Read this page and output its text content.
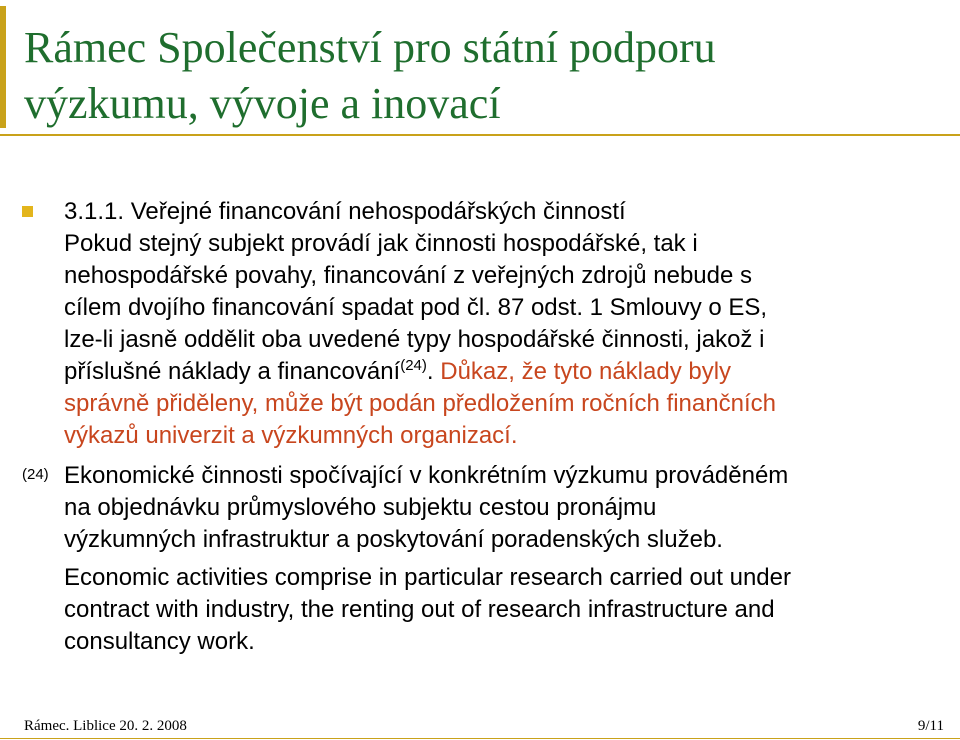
Rámec Společenství pro státní podporu
výzkumu, vývoje a inovací
3.1.1. Veřejné financování nehospodářských činností
Pokud stejný subjekt provádí jak činnosti hospodářské, tak i
nehospodářské povahy, financování z veřejných zdrojů nebude s
cílem dvojího financování spadat pod čl. 87 odst. 1 Smlouvy o ES,
lze-li jasně oddělit oba uvedené typy hospodářské činnosti, jakož i
příslušné náklady a financování$^{(24)}$. Důkaz, že tyto náklady byly
správně přiděleny, může být podán předložením ročních finančních
výkazů univerzit a výzkumných organizací.
(24) Ekonomické činnosti spočívající v konkrétním výzkumu prováděném
na objednávku průmyslového subjektu cestou pronájmu
výzkumných infrastruktur a poskytování poradenských služeb.
Economic activities comprise in particular research carried out under
contract with industry, the renting out of research infrastructure and
consultancy work.
Rámec. Liblice 20. 2. 2008	9/11
